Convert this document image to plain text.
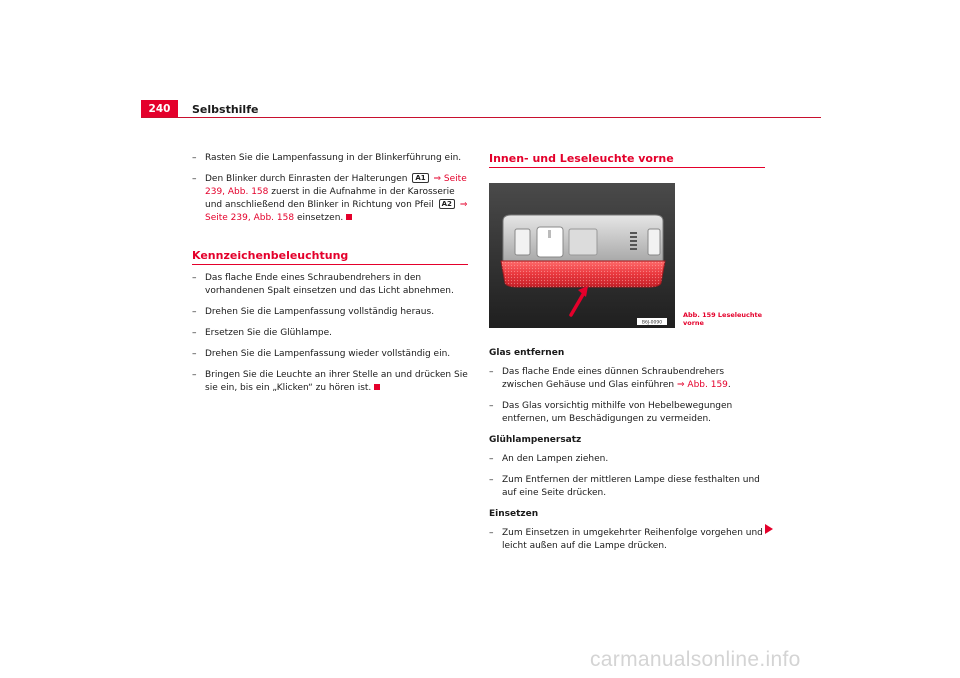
240	Selbsthilfe
– Rasten Sie die Lampenfassung in der Blinkerführung ein.
– Den Blinker durch Einrasten der Halterungen A1 ⇒ Seite 239, Abb. 158 zuerst in die Aufnahme in der Karosserie und anschließend den Blinker in Richtung von Pfeil A2 ⇒ Seite 239, Abb. 158 einsetzen.
Kennzeichenbeleuchtung
– Das flache Ende eines Schraubendrehers in den vorhandenen Spalt einsetzen und das Licht abnehmen.
– Drehen Sie die Lampenfassung vollständig heraus.
– Ersetzen Sie die Glühlampe.
– Drehen Sie die Lampenfassung wieder vollständig ein.
– Bringen Sie die Leuchte an ihrer Stelle an und drücken Sie sie ein, bis ein „Klicken“ zu hören ist.
Innen- und Leseleuchte vorne
B6J-0090
Abb. 159 Leseleuchte vorne
Glas entfernen
– Das flache Ende eines dünnen Schraubendrehers zwischen Gehäuse und Glas einführen ⇒ Abb. 159.
– Das Glas vorsichtig mithilfe von Hebelbewegungen entfernen, um Beschädigungen zu vermeiden.
Glühlampenersatz
– An den Lampen ziehen.
– Zum Entfernen der mittleren Lampe diese festhalten und auf eine Seite drücken.
Einsetzen
– Zum Einsetzen in umgekehrter Reihenfolge vorgehen und leicht außen auf die Lampe drücken.
carmanualsonline.info
